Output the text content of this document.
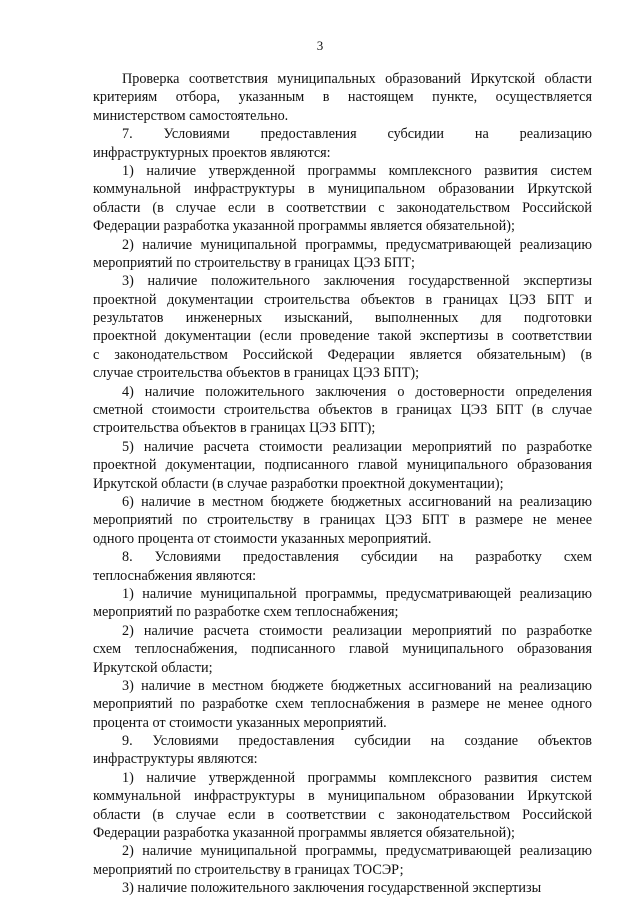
3
Проверка соответствия муниципальных образований Иркутской области
критериям отбора, указанным в настоящем пункте, осуществляется
министерством самостоятельно.
7. Условиями предоставления субсидии на реализацию
инфраструктурных проектов являются:
1) наличие утвержденной программы комплексного развития систем
коммунальной инфраструктуры в муниципальном образовании Иркутской
области (в случае если в соответствии с законодательством Российской
Федерации разработка указанной программы является обязательной);
2) наличие муниципальной программы, предусматривающей реализацию
мероприятий по строительству в границах ЦЭЗ БПТ;
3) наличие положительного заключения государственной экспертизы
проектной документации строительства объектов в границах ЦЭЗ БПТ и
результатов инженерных изысканий, выполненных для подготовки
проектной документации (если проведение такой экспертизы в соответствии
с законодательством Российской Федерации является обязательным) (в
случае строительства объектов в границах ЦЭЗ БПТ);
4) наличие положительного заключения о достоверности определения
сметной стоимости строительства объектов в границах ЦЭЗ БПТ (в случае
строительства объектов в границах ЦЭЗ БПТ);
5) наличие расчета стоимости реализации мероприятий по разработке
проектной документации, подписанного главой муниципального образования
Иркутской области (в случае разработки проектной документации);
6) наличие в местном бюджете бюджетных ассигнований на реализацию
мероприятий по строительству в границах ЦЭЗ БПТ в размере не менее
одного процента от стоимости указанных мероприятий.
8. Условиями предоставления субсидии на разработку схем
теплоснабжения являются:
1) наличие муниципальной программы, предусматривающей реализацию
мероприятий по разработке схем теплоснабжения;
2) наличие расчета стоимости реализации мероприятий по разработке
схем теплоснабжения, подписанного главой муниципального образования
Иркутской области;
3) наличие в местном бюджете бюджетных ассигнований на реализацию
мероприятий по разработке схем теплоснабжения в размере не менее одного
процента от стоимости указанных мероприятий.
9. Условиями предоставления субсидии на создание объектов
инфраструктуры являются:
1) наличие утвержденной программы комплексного развития систем
коммунальной инфраструктуры в муниципальном образовании Иркутской
области (в случае если в соответствии с законодательством Российской
Федерации разработка указанной программы является обязательной);
2) наличие муниципальной программы, предусматривающей реализацию
мероприятий по строительству в границах ТОСЭР;
3) наличие положительного заключения государственной экспертизы
